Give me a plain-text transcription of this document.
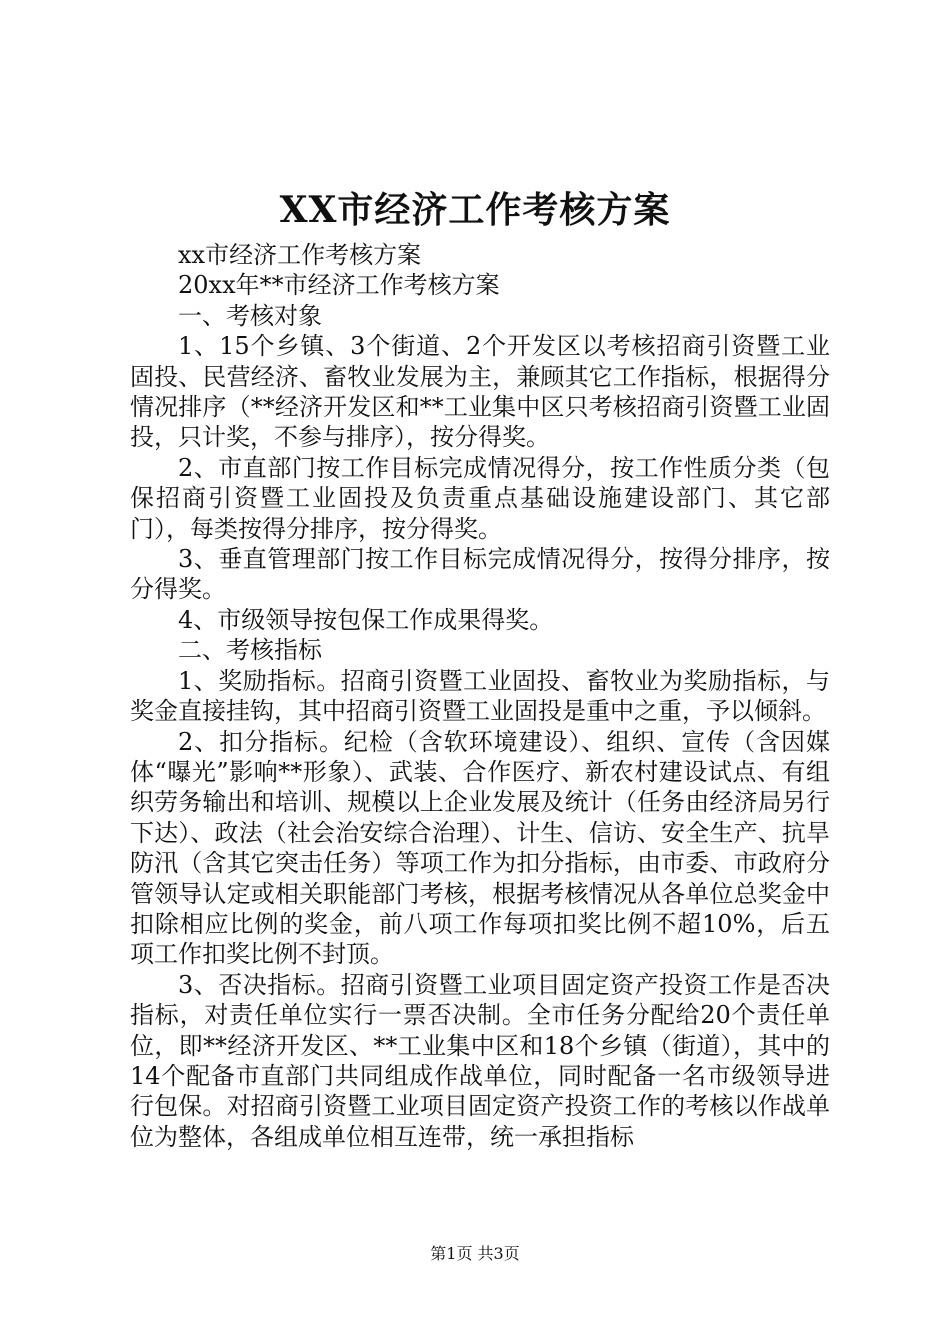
XX市经济工作考核方案

xx市经济工作考核方案

20xx年**市经济工作考核方案

一、考核对象

1、15个乡镇、3个街道、2个开发区以考核招商引资暨工业固投、民营经济、畜牧业发展为主，兼顾其它工作指标，根据得分情况排序（**经济开发区和**工业集中区只考核招商引资暨工业固投，只计奖，不参与排序），按分得奖。

2、市直部门按工作目标完成情况得分，按工作性质分类（包保招商引资暨工业固投及负责重点基础设施建设部门、其它部门），每类按得分排序，按分得奖。

3、垂直管理部门按工作目标完成情况得分，按得分排序，按分得奖。

4、市级领导按包保工作成果得奖。

二、考核指标

1、奖励指标。招商引资暨工业固投、畜牧业为奖励指标，与奖金直接挂钩，其中招商引资暨工业固投是重中之重，予以倾斜。

2、扣分指标。纪检（含软环境建设）、组织、宣传（含因媒体“曝光”影响**形象）、武装、合作医疗、新农村建设试点、有组织劳务输出和培训、规模以上企业发展及统计（任务由经济局另行下达）、政法（社会治安综合治理）、计生、信访、安全生产、抗旱防汛（含其它突击任务）等项工作为扣分指标，由市委、市政府分管领导认定或相关职能部门考核，根据考核情况从各单位总奖金中扣除相应比例的奖金，前八项工作每项扣奖比例不超10%，后五项工作扣奖比例不封顶。

3、否决指标。招商引资暨工业项目固定资产投资工作是否决指标，对责任单位实行一票否决制。全市任务分配给20个责任单位，即**经济开发区、**工业集中区和18个乡镇（街道），其中的14个配备市直部门共同组成作战单位，同时配备一名市级领导进行包保。对招商引资暨工业项目固定资产投资工作的考核以作战单位为整体，各组成单位相互连带，统一承担指标

第1页 共3页
